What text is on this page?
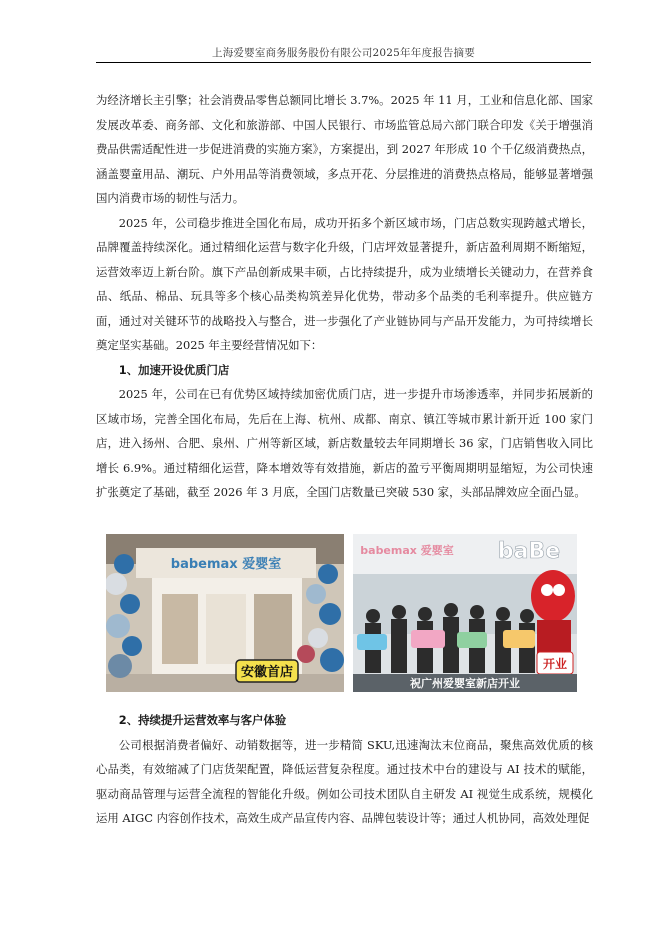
上海爱婴室商务服务股份有限公司2025年年度报告摘要

为经济增长主引擎；社会消费品零售总额同比增长 3.7%。2025 年 11 月，工业和信息化部、国家发展改革委、商务部、文化和旅游部、中国人民银行、市场监管总局六部门联合印发《关于增强消费品供需适配性进一步促进消费的实施方案》，方案提出，到 2027 年形成 10 个千亿级消费热点，涵盖婴童用品、潮玩、户外用品等消费领域，多点开花、分层推进的消费热点格局，能够显著增强国内消费市场的韧性与活力。

2025 年，公司稳步推进全国化布局，成功开拓多个新区域市场，门店总数实现跨越式增长，品牌覆盖持续深化。通过精细化运营与数字化升级，门店坪效显著提升，新店盈利周期不断缩短，运营效率迈上新台阶。旗下产品创新成果丰硕，占比持续提升，成为业绩增长关键动力，在营养食品、纸品、棉品、玩具等多个核心品类构筑差异化优势，带动多个品类的毛利率提升。供应链方面，通过对关键环节的战略投入与整合，进一步强化了产业链协同与产品开发能力，为可持续增长奠定坚实基础。2025 年主要经营情况如下：

1、加速开设优质门店

2025 年，公司在已有优势区域持续加密优质门店，进一步提升市场渗透率，并同步拓展新的区域市场，完善全国化布局，先后在上海、杭州、成都、南京、镇江等城市累计新开近 100 家门店，进入扬州、合肥、泉州、广州等新区域，新店数量较去年同期增长 36 家，门店销售收入同比增长 6.9%。通过精细化运营，降本增效等有效措施，新店的盈亏平衡周期明显缩短，为公司快速扩张奠定了基础，截至 2026 年 3 月底，全国门店数量已突破 530 家，头部品牌效应全面凸显。

babemax 爱婴室
安徽首店
babemax 爱婴室 baBe
开业
祝广州爱婴室新店开业

2、持续提升运营效率与客户体验

公司根据消费者偏好、动销数据等，进一步精简 SKU,迅速淘汰末位商品，聚焦高效优质的核心品类，有效缩减了门店货架配置，降低运营复杂程度。通过技术中台的建设与 AI 技术的赋能，驱动商品管理与运营全流程的智能化升级。例如公司技术团队自主研发 AI 视觉生成系统，规模化运用 AIGC 内容创作技术，高效生成产品宣传内容、品牌包装设计等；通过人机协同，高效处理促
